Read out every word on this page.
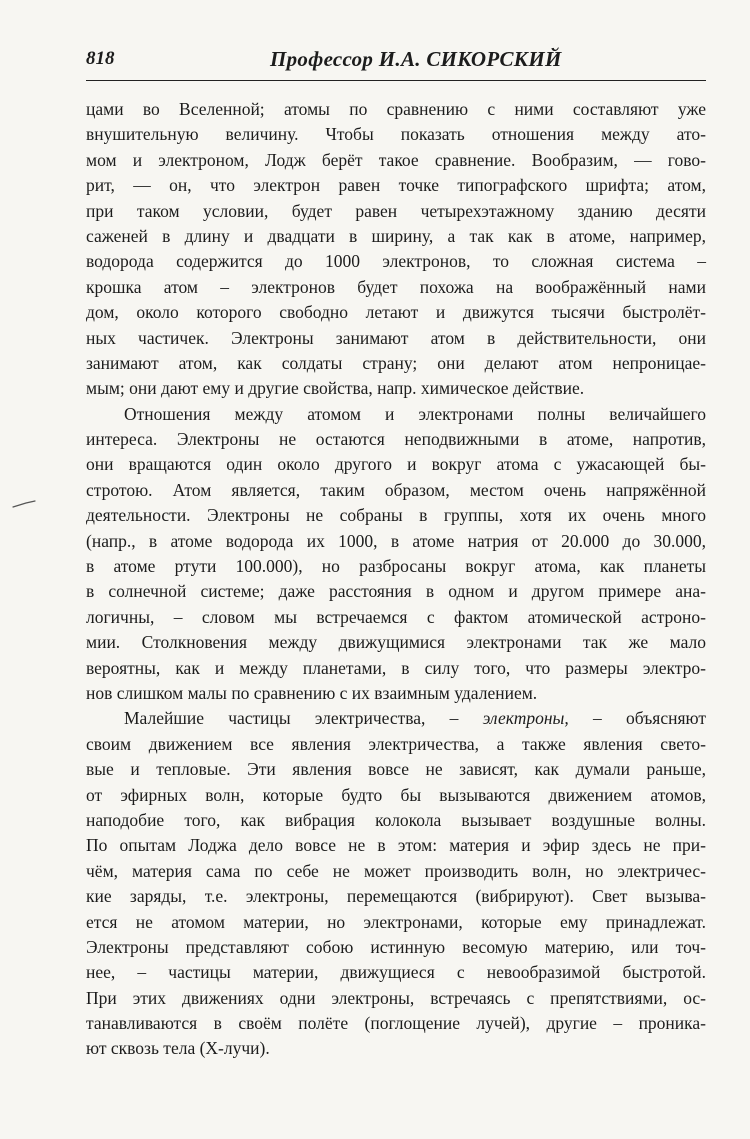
818	Профессор И.А. СИКОРСКИЙ
цами во Вселенной; атомы по сравнению с ними составляют уже
внушительную величину. Чтобы показать отношения между ато-
мом и электроном, Лодж берёт такое сравнение. Вообразим, — гово-
рит, — он, что электрон равен точке типографского шрифта; атом,
при таком условии, будет равен четырехэтажному зданию десяти
саженей в длину и двадцати в ширину, а так как в атоме, например,
водорода содержится до 1000 электронов, то сложная система –
крошка атом – электронов будет похожа на воображённый нами
дом, около которого свободно летают и движутся тысячи быстролёт-
ных частичек. Электроны занимают атом в действительности, они
занимают атом, как солдаты страну; они делают атом непроницае-
мым; они дают ему и другие свойства, напр. химическое действие.
Отношения между атомом и электронами полны величайшего
интереса. Электроны не остаются неподвижными в атоме, напротив,
они вращаются один около другого и вокруг атома с ужасающей бы-
стротою. Атом является, таким образом, местом очень напряжённой
деятельности. Электроны не собраны в группы, хотя их очень много
(напр., в атоме водорода их 1000, в атоме натрия от 20.000 до 30.000,
в атоме ртути 100.000), но разбросаны вокруг атома, как планеты
в солнечной системе; даже расстояния в одном и другом примере ана-
логичны, – словом мы встречаемся с фактом атомической астроно-
мии. Столкновения между движущимися электронами так же мало
вероятны, как и между планетами, в силу того, что размеры электро-
нов слишком малы по сравнению с их взаимным удалением.
Малейшие частицы электричества, – электроны, – объясняют
своим движением все явления электричества, а также явления свето-
вые и тепловые. Эти явления вовсе не зависят, как думали раньше,
от эфирных волн, которые будто бы вызываются движением атомов,
наподобие того, как вибрация колокола вызывает воздушные волны.
По опытам Лоджа дело вовсе не в этом: материя и эфир здесь не при-
чём, материя сама по себе не может производить волн, но электричес-
кие заряды, т.е. электроны, перемещаются (вибрируют). Свет вызыва-
ется не атомом материи, но электронами, которые ему принадлежат.
Электроны представляют собою истинную весомую материю, или точ-
нее, – частицы материи, движущиеся с невообразимой быстротой.
При этих движениях одни электроны, встречаясь с препятствиями, ос-
танавливаются в своём полёте (поглощение лучей), другие – проника-
ют сквозь тела (X-лучи).
